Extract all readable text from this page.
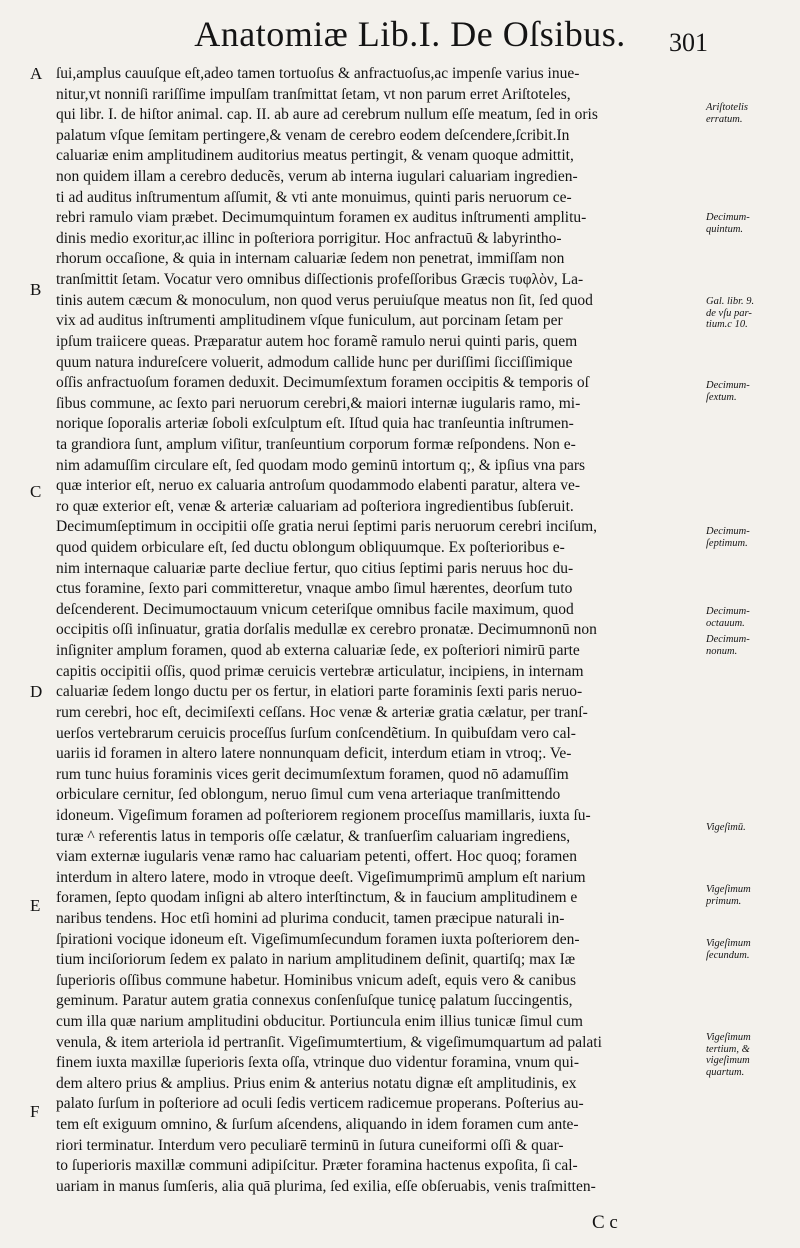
Anatomiæ Lib.I. De Oſsibus.	301
A
B
C
D
E
F
ſui,amplus cauuſque eſt,adeo tamen tortuoſus & anfractuoſus,ac impenſe varius inue-
nitur,vt nonniſi rariſſime impulſam tranſmittat ſetam, vt non parum erret Ariſtoteles,
qui libr. I. de hiſtor animal. cap. II. ab aure ad cerebrum nullum eſſe meatum, ſed in oris
palatum vſque ſemitam pertingere,& venam de cerebro eodem deſcendere,ſcribit.In
caluariæ enim amplitudinem auditorius meatus pertingit, & venam quoque admittit,
non quidem illam a cerebro deducẽs, verum ab interna iugulari caluariam ingredien-
ti ad auditus inſtrumentum aſſumit, & vti ante monuimus, quinti paris neruorum ce-
rebri ramulo viam præbet. Decimumquintum foramen ex auditus inſtrumenti amplitu-
dinis medio exoritur,ac illinc in poſteriora porrigitur. Hoc anfractuū & labyrintho-
rhorum occaſione, & quia in internam caluariæ ſedem non penetrat, immiſſam non
tranſmittit ſetam. Vocatur vero omnibus diſſectionis profeſſoribus Græcis τυφλὸν, La-
tinis autem cæcum & monoculum, non quod verus peruiuſque meatus non ſit, ſed quod
vix ad auditus inſtrumenti amplitudinem vſque funiculum, aut porcinam ſetam per
ipſum traiicere queas. Præparatur autem hoc foramẽ ramulo nerui quinti paris, quem
quum natura indureſcere voluerit, admodum callide hunc per duriſſimi ſicciſſimique
oſſis anfractuoſum foramen deduxit. Decimumſextum foramen occipitis & temporis oſ
ſibus commune, ac ſexto pari neruorum cerebri,& maiori internæ iugularis ramo, mi-
norique ſoporalis arteriæ ſoboli exſculptum eſt. Iſtud quia hac tranſeuntia inſtrumen-
ta grandiora ſunt, amplum viſitur, tranſeuntium corporum formæ reſpondens. Non e-
nim adamuſſim circulare eſt, ſed quodam modo geminū intortum q;, & ipſius vna pars
quæ interior eſt, neruo ex caluaria antroſum quodammodo elabenti paratur, altera ve-
ro quæ exterior eſt, venæ & arteriæ caluariam ad poſteriora ingredientibus ſubſeruit.
Decimumſeptimum in occipitii oſſe gratia nerui ſeptimi paris neruorum cerebri inciſum,
quod quidem orbiculare eſt, ſed ductu oblongum obliquumque. Ex poſterioribus e-
nim internaque caluariæ parte decliue fertur, quo citius ſeptimi paris neruus hoc du-
ctus foramine, ſexto pari committeretur, vnaque ambo ſimul hærentes, deorſum tuto
deſcenderent. Decimumoctauum vnicum ceteriſque omnibus facile maximum, quod
occipitis oſſi inſinuatur, gratia dorſalis medullæ ex cerebro pronatæ. Decimumnonū non
inſigniter amplum foramen, quod ab externa caluariæ ſede, ex poſteriori nimirū parte
capitis occipitii oſſis, quod primæ ceruicis vertebræ articulatur, incipiens, in internam
caluariæ ſedem longo ductu per os fertur, in elatiori parte foraminis ſexti paris neruo-
rum cerebri, hoc eſt, decimiſexti ceſſans. Hoc venæ & arteriæ gratia cælatur, per tranſ-
uerſos vertebrarum ceruicis proceſſus ſurſum conſcendẽtium. In quibuſdam vero cal-
uariis id foramen in altero latere nonnunquam deficit, interdum etiam in vtroq;. Ve-
rum tunc huius foraminis vices gerit decimumſextum foramen, quod nō adamuſſim
orbiculare cernitur, ſed oblongum, neruo ſimul cum vena arteriaque tranſmittendo
idoneum. Vigeſimum foramen ad poſteriorem regionem proceſſus mamillaris, iuxta ſu-
turæ ^ referentis latus in temporis oſſe cælatur, & tranſuerſim caluariam ingrediens,
viam externæ iugularis venæ ramo hac caluariam petenti, offert. Hoc quoq; foramen
interdum in altero latere, modo in vtroque deeſt. Vigeſimumprimū amplum eſt narium
foramen, ſepto quodam inſigni ab altero interſtinctum, & in faucium amplitudinem e
naribus tendens. Hoc etſi homini ad plurima conducit, tamen præcipue naturali in-
ſpirationi vocique idoneum eſt. Vigeſimumſecundum foramen iuxta poſteriorem den-
tium inciſoriorum ſedem ex palato in narium amplitudinem deſinit, quartiſq; max Iæ
ſuperioris oſſibus commune habetur. Hominibus vnicum adeſt, equis vero & canibus
geminum. Paratur autem gratia connexus conſenſuſque tunicę palatum ſuccingentis,
cum illa quæ narium amplitudini obducitur. Portiuncula enim illius tunicæ ſimul cum
venula, & item arteriola id pertranſit. Vigeſimumtertium, & vigeſimumquartum ad palati
finem iuxta maxillæ ſuperioris ſexta oſſa, vtrinque duo videntur foramina, vnum qui-
dem altero prius & amplius. Prius enim & anterius notatu dignæ eſt amplitudinis, ex
palato ſurſum in poſteriore ad oculi ſedis verticem radicemue properans. Poſterius au-
tem eſt exiguum omnino, & ſurſum aſcendens, aliquando in idem foramen cum ante-
riori terminatur. Interdum vero peculiarē terminū in ſutura cuneiformi oſſi & quar-
to ſuperioris maxillæ communi adipiſcitur. Præter foramina hactenus expoſita, ſi cal-
uariam in manus ſumſeris, alia quā plurima, ſed exilia, eſſe obſeruabis, venis traſmitten-
Ariſtotelis
erratum.
Decimum-
quintum.
Gal. libr. 9.
de vſu par-
tium.c 10.
Decimum-
ſextum.
Decimum-
ſeptimum.
Decimum-
octauum.
Decimum-
nonum.
Vigeſimū.
Vigeſimum
primum.
Vigeſimum
ſecundum.
Vigeſimum
tertium, &
vigeſimum
quartum.
C c
